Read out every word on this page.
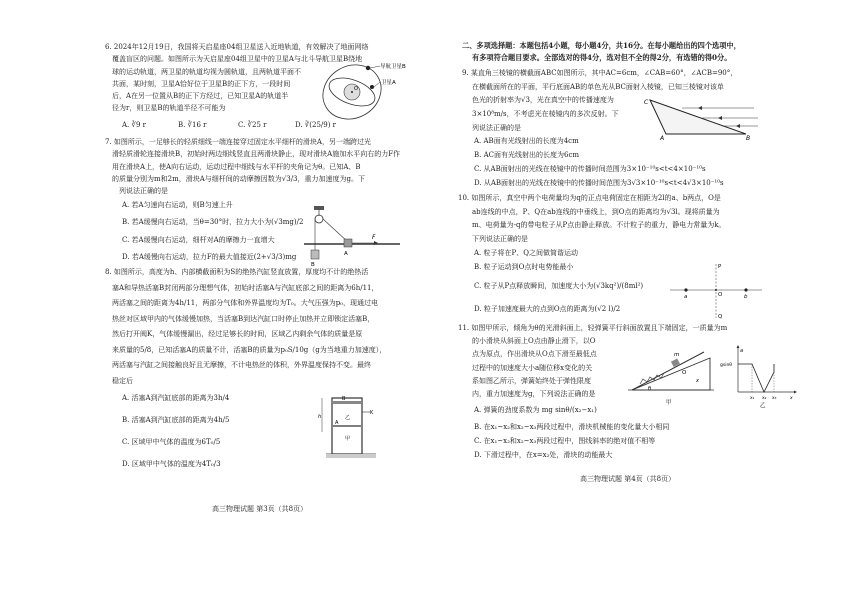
6. 2024年12月19日，我国将天启星座04组卫星送入近地轨道，有效解决了地面网络

覆盖盲区的问题。如图所示为天启星座04组卫星中的卫星A与北斗导航卫星B绕地

球的运动轨道，两卫星的轨道均视为圆轨道，且两轨道平面不

共面，某时刻，卫星A恰好位于卫星B的正下方，一段时间

后，A在另一位置从B的正下方经过，已知卫星A的轨道半

径为r，则卫星B的轨道半径不可能为

A. ∛9 r	B. ∛16 r	C. ∛25 r	D. ∛(25/9) r
O
导航卫星B
卫星A

7. 如图所示，一足够长的轻质细线一端连接穿过固定水平细杆的滑块A，另一端跨过光

滑轻质滑轮连接滑块B，初始时两边细线竖直且两滑块静止，现对滑块A施加水平向右的力F作

用在滑块A上，使A向右运动，运动过程中细线与水平杆的夹角记为θ。已知A、B

的质量分别为m和2m，滑块A与细杆间的动摩擦因数为√3/3，重力加速度为g。下

列说法正确的是

A. 若A匀速向右运动，则B匀速上升
B. 若A缓慢向右运动，当θ=30°时，拉力大小为(√3mg)/2
C. 若A缓慢向右运动，细杆对A的摩擦力一直增大
D. 若A缓慢向右运动，拉力F的最大值接近(2+√3/3)mg
B
A
F

8. 如图所示，高度为h、内部横截面积为S的绝热汽缸竖直放置，厚度均不计的绝热活

塞A和导热活塞B封闭两部分理想气体，初始时活塞A与汽缸底部之间的距离为6h/11，

两活塞之间的距离为4h/11，两部分气体和外界温度均为T₀。大气压强为p₀，现通过电

热丝对区域甲内的气体缓慢加热，当活塞B到达汽缸口时停止加热并立即锁定活塞B，

然后打开阀K，气体缓慢漏出，经过足够长的时间，区域乙内剩余气体的质量是原

来质量的5/8，已知活塞A的质量不计，活塞B的质量为p₀S/10g（g为当地重力加速度），

两活塞与汽缸之间接触良好且无摩擦，不计电热丝的体积，外界温度保持不变。最终

稳定后

A. 活塞A到汽缸底部的距离为3h/4
B. 活塞A到汽缸底部的距离为4h/5
C. 区域甲中气体的温度为6T₀/5
D. 区域甲中气体的温度为4T₀/3
h
B
乙
A
甲
K
高三物理试题 第3页（共8页）
二、多项选择题：本题包括4小题，每小题4分，共16分。在每小题给出的四个选项中，
有多项符合题目要求。全部选对的得4分，选对但不全的得2分，有选错的得0分。

9. 某直角三棱镜的横截面ABC如图所示，其中AC=6cm，∠CAB=60°，∠ACB=90°，

在横截面所在的平面，平行底面AB的单色光从BC面射入棱镜，已知三棱镜对该单

色光的折射率为√3，光在真空中的传播速度为

3×10⁸m/s，不考虑光在棱镜内的多次反射。下

列说法正确的是

A. AB面有光线射出的长度为4cm
B. AC面有光线射出的长度为6cm
C. 从AB面射出的光线在棱镜中的传播时间范围为3×10⁻¹⁰s<t<4×10⁻¹⁰s
D. 从AB面射出的光线在棱镜中的传播时间范围为3√3×10⁻¹⁰s<t<4√3×10⁻¹⁰s
C
A	B

10. 如图所示，真空中两个电荷量均为q的正点电荷固定在相距为2l的a、b两点，O是

ab连线的中点，P、Q在ab连线的中垂线上，到O点的距离均为√3l。现将质量为

m、电荷量为-q的带电粒子从P点由静止释放。不计粒子的重力，静电力常量为k。

下列说法正确的是

A. 粒子将在P、Q之间做简谐运动
B. 粒子运动到O点时电势能最小
C. 粒子从P点释放瞬间，加速度大小为(√3kq²)/(8ml²)
D. 粒子加速度最大的点到O点的距离为(√2 l)/2
a	b
O
P
Q

11. 如图甲所示，倾角为θ的光滑斜面上，轻弹簧平行斜面放置且下端固定，一质量为m

的小滑块从斜面上O点由静止滑下，以O

点为原点，作出滑块从O点下滑至最低点

过程中的加速度大小a随位移x变化的关

系如图乙所示，弹簧始终处于弹性限度

内，重力加速度为g，下列说法正确的是

A. 弹簧的劲度系数为 mg sinθ/(x₂−x₁)
B. 在x₁~x₂和x₂~x₃两段过程中，滑块机械能的变化量大小相同
C. 在x₁~x₂和x₂~x₃两段过程中，图线斜率的绝对值不相等
D. 下滑过程中，在x=x₂处，滑块的动能最大
m
O
θ
x
甲
a
gsinθ
x₁ x₂ x₃	x
乙
高三物理试题 第4页（共8页）
